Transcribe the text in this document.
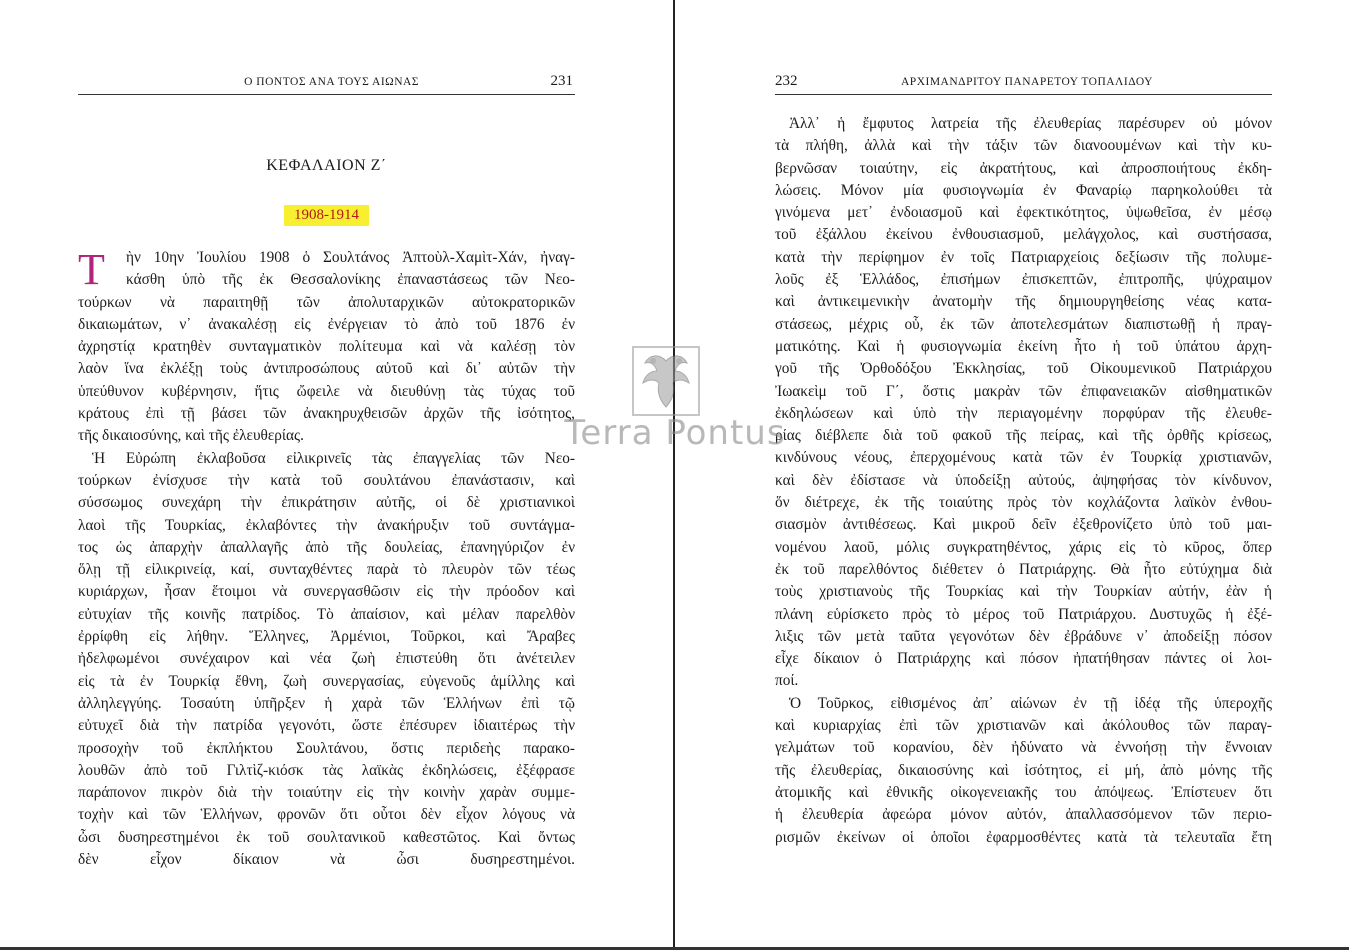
Ο ΠΟΝΤΟΣ ΑΝΑ ΤΟΥΣ ΑΙΩΝΑΣ	231
ΚΕΦΑΛΑΙΟΝ Ζ΄
1908-1914
Τ	ὴν 10ην Ἰουλίου 1908 ὁ Σουλτάνος Ἀπτοὺλ-Χαμὶτ-Χάν, ἠναγ-
κάσθη ὑπὸ τῆς ἐκ Θεσσαλονίκης ἐπαναστάσεως τῶν Νεο-
τούρκων νὰ παραιτηθῇ τῶν ἀπολυταρχικῶν αὐτοκρατορικῶν
δικαιωμάτων, ν᾽ ἀνακαλέσῃ εἰς ἐνέργειαν τὸ ἀπὸ τοῦ 1876 ἐν
ἀχρηστίᾳ κρατηθὲν συνταγματικὸν πολίτευμα καὶ νὰ καλέσῃ τὸν
λαὸν ἵνα ἐκλέξῃ τοὺς ἀντιπροσώπους αὐτοῦ καὶ δι᾽ αὐτῶν τὴν
ὑπεύθυνον κυβέρνησιν, ἥτις ὤφειλε νὰ διευθύνῃ τὰς τύχας τοῦ
κράτους ἐπὶ τῇ βάσει τῶν ἀνακηρυχθεισῶν ἀρχῶν τῆς ἰσότητος,
τῆς δικαιοσύνης, καὶ τῆς ἐλευθερίας.
Ἡ Εὐρώπη ἐκλαβοῦσα εἰλικρινεῖς τὰς ἐπαγγελίας τῶν Νεο-
τούρκων ἐνίσχυσε τὴν κατὰ τοῦ σουλτάνου ἐπανάστασιν, καὶ
σύσσωμος συνεχάρη τὴν ἐπικράτησιν αὐτῆς, οἱ δὲ χριστιανικοὶ
λαοὶ τῆς Τουρκίας, ἐκλαβόντες τὴν ἀνακήρυξιν τοῦ συντάγμα-
τος ὡς ἀπαρχὴν ἀπαλλαγῆς ἀπὸ τῆς δουλείας, ἐπανηγύριζον ἐν
ὅλῃ τῇ εἰλικρινείᾳ, καί, συνταχθέντες παρὰ τὸ πλευρὸν τῶν τέως
κυριάρχων, ἦσαν ἕτοιμοι νὰ συνεργασθῶσιν εἰς τὴν πρόοδον καὶ
εὐτυχίαν τῆς κοινῆς πατρίδος. Τὸ ἀπαίσιον, καὶ μέλαν παρελθὸν
ἐρρίφθη εἰς λήθην. Ἕλληνες, Ἀρμένιοι, Τοῦρκοι, καὶ Ἄραβες
ἠδελφωμένοι συνέχαιρον καὶ νέα ζωὴ ἐπιστεύθη ὅτι ἀνέτειλεν
εἰς τὰ ἐν Τουρκίᾳ ἔθνη, ζωὴ συνεργασίας, εὐγενοῦς ἁμίλλης καὶ
ἀλληλεγγύης. Τοσαύτη ὑπῆρξεν ἡ χαρὰ τῶν Ἑλλήνων ἐπὶ τῷ
εὐτυχεῖ διὰ τὴν πατρίδα γεγονότι, ὥστε ἐπέσυρεν ἰδιαιτέρως τὴν
προσοχὴν τοῦ ἐκπλήκτου Σουλτάνου, ὅστις περιδεὴς παρακο-
λουθῶν ἀπὸ τοῦ Γιλτὶζ-κιόσκ τὰς λαϊκὰς ἐκδηλώσεις, ἐξέφρασε
παράπονον πικρὸν διὰ τὴν τοιαύτην εἰς τὴν κοινὴν χαρὰν συμμε-
τοχὴν καὶ τῶν Ἑλλήνων, φρονῶν ὅτι οὗτοι δὲν εἶχον λόγους νὰ
ὦσι δυσηρεστημένοι ἐκ τοῦ σουλτανικοῦ καθεστῶτος. Καὶ ὄντως
δὲν εἶχον δίκαιον νὰ ὦσι δυσηρεστημένοι.
232	ΑΡΧΙΜΑΝΔΡΙΤΟΥ ΠΑΝΑΡΕΤΟΥ ΤΟΠΑΛΙΔΟΥ
Ἀλλ᾽ ἡ ἔμφυτος λατρεία τῆς ἐλευθερίας παρέσυρεν οὐ μόνον
τὰ πλήθη, ἀλλὰ καὶ τὴν τάξιν τῶν διανοουμένων καὶ τὴν κυ-
βερνῶσαν τοιαύτην, εἰς ἀκρατήτους, καὶ ἀπροσποιήτους ἐκδη-
λώσεις. Μόνον μία φυσιογνωμία ἐν Φαναρίῳ παρηκολούθει τὰ
γινόμενα μετ᾽ ἐνδοιασμοῦ καὶ ἐφεκτικότητος, ὑψωθεῖσα, ἐν μέσῳ
τοῦ ἐξάλλου ἐκείνου ἐνθουσιασμοῦ, μελάγχολος, καὶ συστήσασα,
κατὰ τὴν περίφημον ἐν τοῖς Πατριαρχείοις δεξίωσιν τῆς πολυμε-
λοῦς ἐξ Ἑλλάδος, ἐπισήμων ἐπισκεπτῶν, ἐπιτροπῆς, ψύχραιμον
καὶ ἀντικειμενικὴν ἀνατομὴν τῆς δημιουργηθείσης νέας κατα-
στάσεως, μέχρις οὗ, ἐκ τῶν ἀποτελεσμάτων διαπιστωθῇ ἡ πραγ-
ματικότης. Καὶ ἡ φυσιογνωμία ἐκείνη ἦτο ἡ τοῦ ὑπάτου ἀρχη-
γοῦ τῆς Ὀρθοδόξου Ἐκκλησίας, τοῦ Οἰκουμενικοῦ Πατριάρχου
Ἰωακεὶμ τοῦ Γ΄, ὅστις μακρὰν τῶν ἐπιφανειακῶν αἰσθηματικῶν
ἐκδηλώσεων καὶ ὑπὸ τὴν περιαγομένην πορφύραν τῆς ἐλευθε-
ρίας διέβλεπε διὰ τοῦ φακοῦ τῆς πείρας, καὶ τῆς ὀρθῆς κρίσεως,
κινδύνους νέους, ἐπερχομένους κατὰ τῶν ἐν Τουρκίᾳ χριστιανῶν,
καὶ δὲν ἐδίστασε νὰ ὑποδείξῃ αὐτούς, ἀψηφήσας τὸν κίνδυνον,
ὅν διέτρεχε, ἐκ τῆς τοιαύτης πρὸς τὸν κοχλάζοντα λαϊκὸν ἐνθου-
σιασμὸν ἀντιθέσεως. Καὶ μικροῦ δεῖν ἐξεθρονίζετο ὑπὸ τοῦ μαι-
νομένου λαοῦ, μόλις συγκρατηθέντος, χάρις εἰς τὸ κῦρος, ὅπερ
ἐκ τοῦ παρελθόντος διέθετεν ὁ Πατριάρχης. Θὰ ἦτο εὐτύχημα διὰ
τοὺς χριστιανοὺς τῆς Τουρκίας καὶ τὴν Τουρκίαν αὐτήν, ἐὰν ἡ
πλάνη εὑρίσκετο πρὸς τὸ μέρος τοῦ Πατριάρχου. Δυστυχῶς ἡ ἐξέ-
λιξις τῶν μετὰ ταῦτα γεγονότων δὲν ἐβράδυνε ν᾽ ἀποδείξῃ πόσον
εἶχε δίκαιον ὁ Πατριάρχης καὶ πόσον ἠπατήθησαν πάντες οἱ λοι-
ποί.
Ὁ Τοῦρκος, εἰθισμένος ἀπ᾽ αἰώνων ἐν τῇ ἰδέᾳ τῆς ὑπεροχῆς
καὶ κυριαρχίας ἐπὶ τῶν χριστιανῶν καὶ ἀκόλουθος τῶν παραγ-
γελμάτων τοῦ κορανίου, δὲν ἠδύνατο νὰ ἐννοήσῃ τὴν ἔννοιαν
τῆς ἐλευθερίας, δικαιοσύνης καὶ ἰσότητος, εἰ μή, ἀπὸ μόνης τῆς
ἀτομικῆς καὶ ἐθνικῆς οἰκογενειακῆς του ἀπόψεως. Ἐπίστευεν ὅτι
ἡ ἐλευθερία ἀφεώρα μόνον αὐτόν, ἀπαλλασσόμενον τῶν περιο-
ρισμῶν ἐκείνων οἱ ὁποῖοι ἐφαρμοσθέντες κατὰ τὰ τελευταῖα ἔτη
Terra Pontus
